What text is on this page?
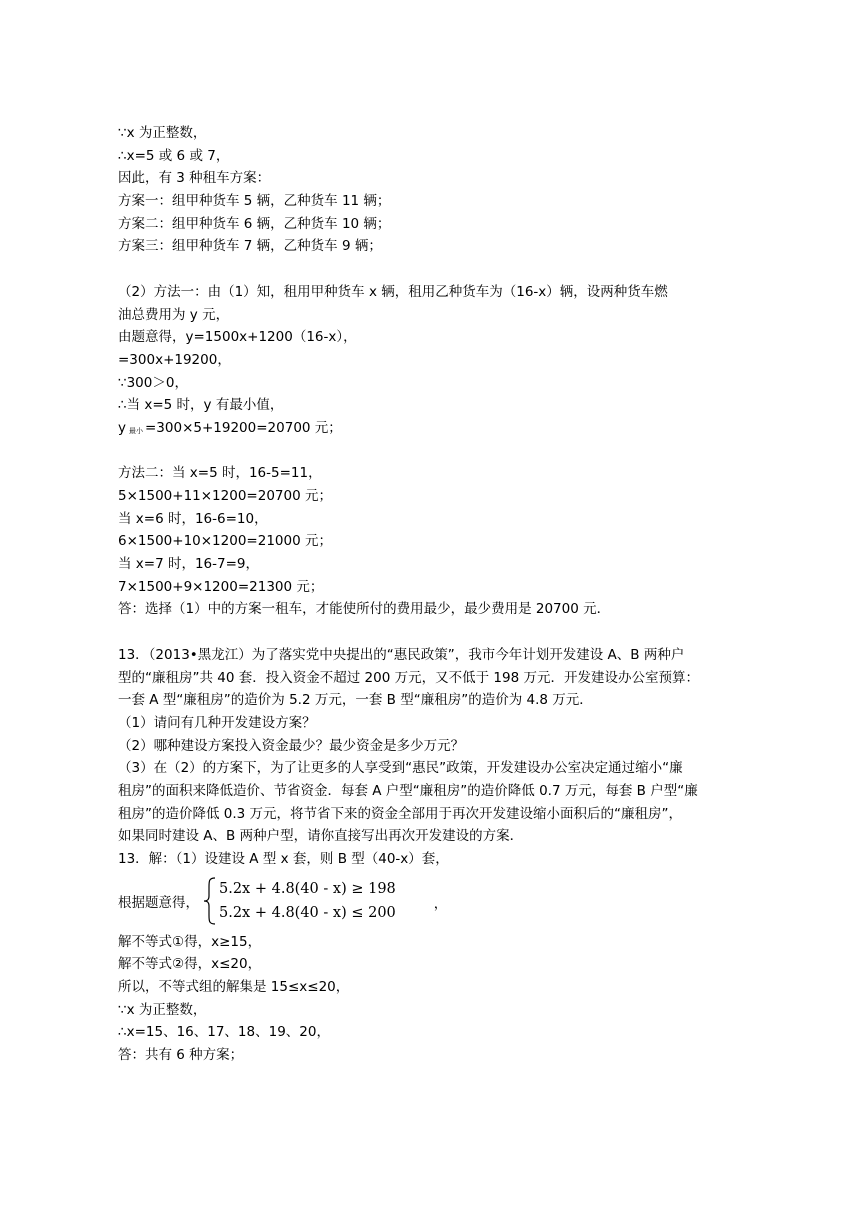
∵x 为正整数，
∴x=5 或 6 或 7，
因此，有 3 种租车方案：
方案一：组甲种货车 5 辆，乙种货车 11 辆；
方案二：组甲种货车 6 辆，乙种货车 10 辆；
方案三：组甲种货车 7 辆，乙种货车 9 辆；
（2）方法一：由（1）知，租用甲种货车 x 辆，租用乙种货车为（16-x）辆，设两种货车燃
油总费用为 y 元，
由题意得，y=1500x+1200（16-x），
=300x+19200，
∵300＞0，
∴当 x=5 时，y 有最小值，
y最小 =300×5+19200=20700 元；
方法二：当 x=5 时，16-5=11，
5×1500+11×1200=20700 元；
当 x=6 时，16-6=10，
6×1500+10×1200=21000 元；
当 x=7 时，16-7=9，
7×1500+9×1200=21300 元；
答：选择（1）中的方案一租车，才能使所付的费用最少，最少费用是 20700 元．
13．（2013•黑龙江）为了落实党中央提出的“惠民政策”，我市今年计划开发建设 A、B 两种户
型的“廉租房”共 40 套．投入资金不超过 200 万元，又不低于 198 万元．开发建设办公室预算：
一套 A 型“廉租房”的造价为 5.2 万元，一套 B 型“廉租房”的造价为 4.8 万元．
（1）请问有几种开发建设方案？
（2）哪种建设方案投入资金最少？最少资金是多少万元？
（3）在（2）的方案下，为了让更多的人享受到“惠民”政策，开发建设办公室决定通过缩小“廉
租房”的面积来降低造价、节省资金．每套 A 户型“廉租房”的造价降低 0.7 万元，每套 B 户型“廉
租房”的造价降低 0.3 万元，将节省下来的资金全部用于再次开发建设缩小面积后的“廉租房”，
如果同时建设 A、B 两种户型，请你直接写出再次开发建设的方案．
13．解：（1）设建设 A 型 x 套，则 B 型（40-x）套，
根据题意得，
5.2x + 4.8(40 - x) ≥ 198
5.2x + 4.8(40 - x) ≤ 200
，
解不等式①得，x≥15，
解不等式②得，x≤20，
所以，不等式组的解集是 15≤x≤20，
∵x 为正整数，
∴x=15、16、17、18、19、20，
答：共有 6 种方案；
